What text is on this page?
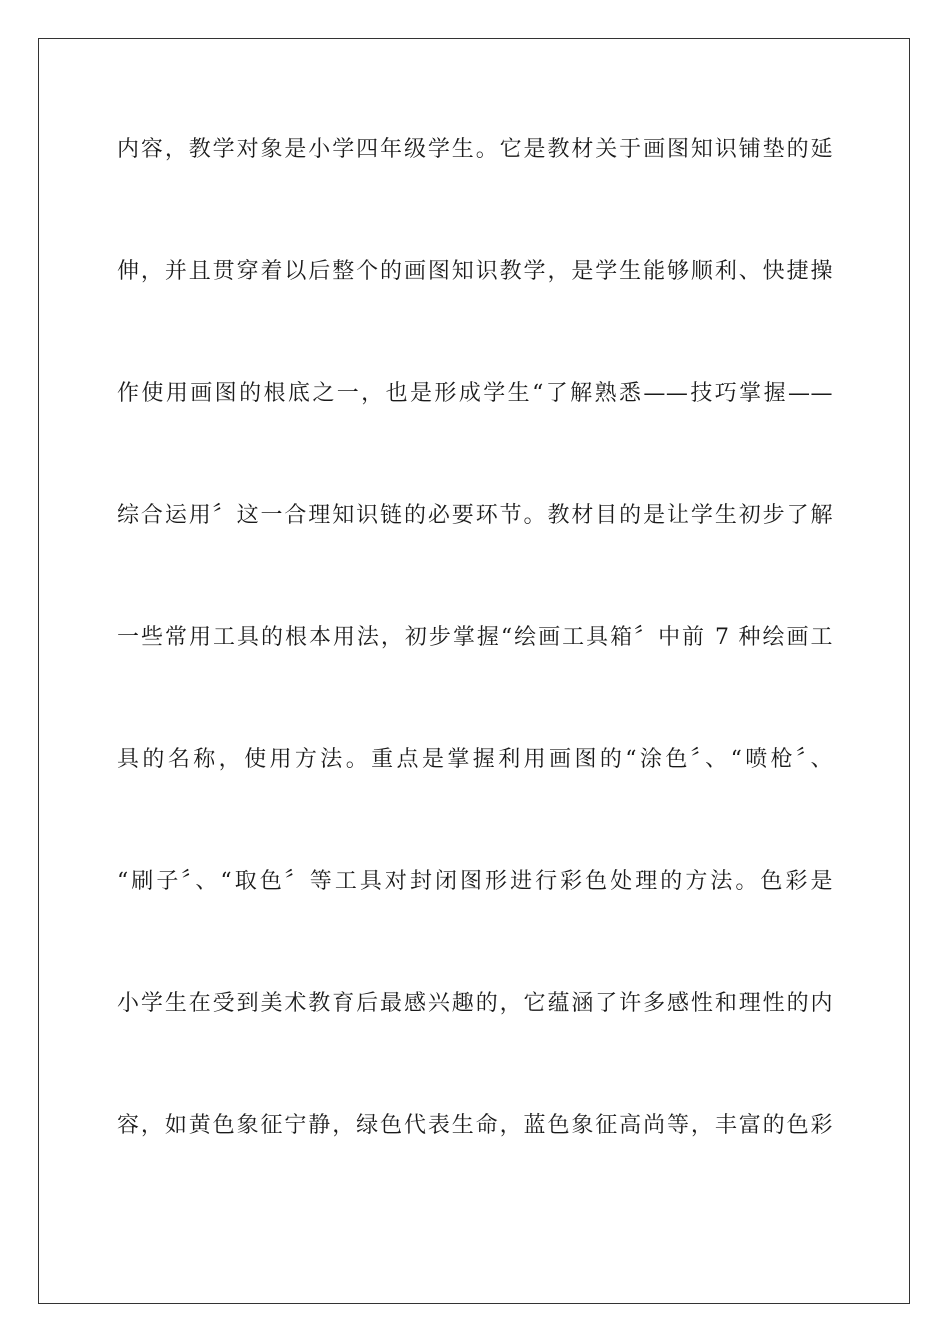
内容，教学对象是小学四年级学生。它是教材关于画图知识铺垫的延
伸，并且贯穿着以后整个的画图知识教学，是学生能够顺利、快捷操
作使用画图的根底之一，也是形成学生“了解熟悉——技巧掌握——
综合运用〞这一合理知识链的必要环节。教材目的是让学生初步了解
一些常用工具的根本用法，初步掌握“绘画工具箱〞中前 7 种绘画工
具的名称，使用方法。重点是掌握利用画图的“涂色〞、“喷枪〞、
“刷子〞、“取色〞等工具对封闭图形进行彩色处理的方法。色彩是
小学生在受到美术教育后最感兴趣的，它蕴涵了许多感性和理性的内
容，如黄色象征宁静，绿色代表生命，蓝色象征高尚等，丰富的色彩
